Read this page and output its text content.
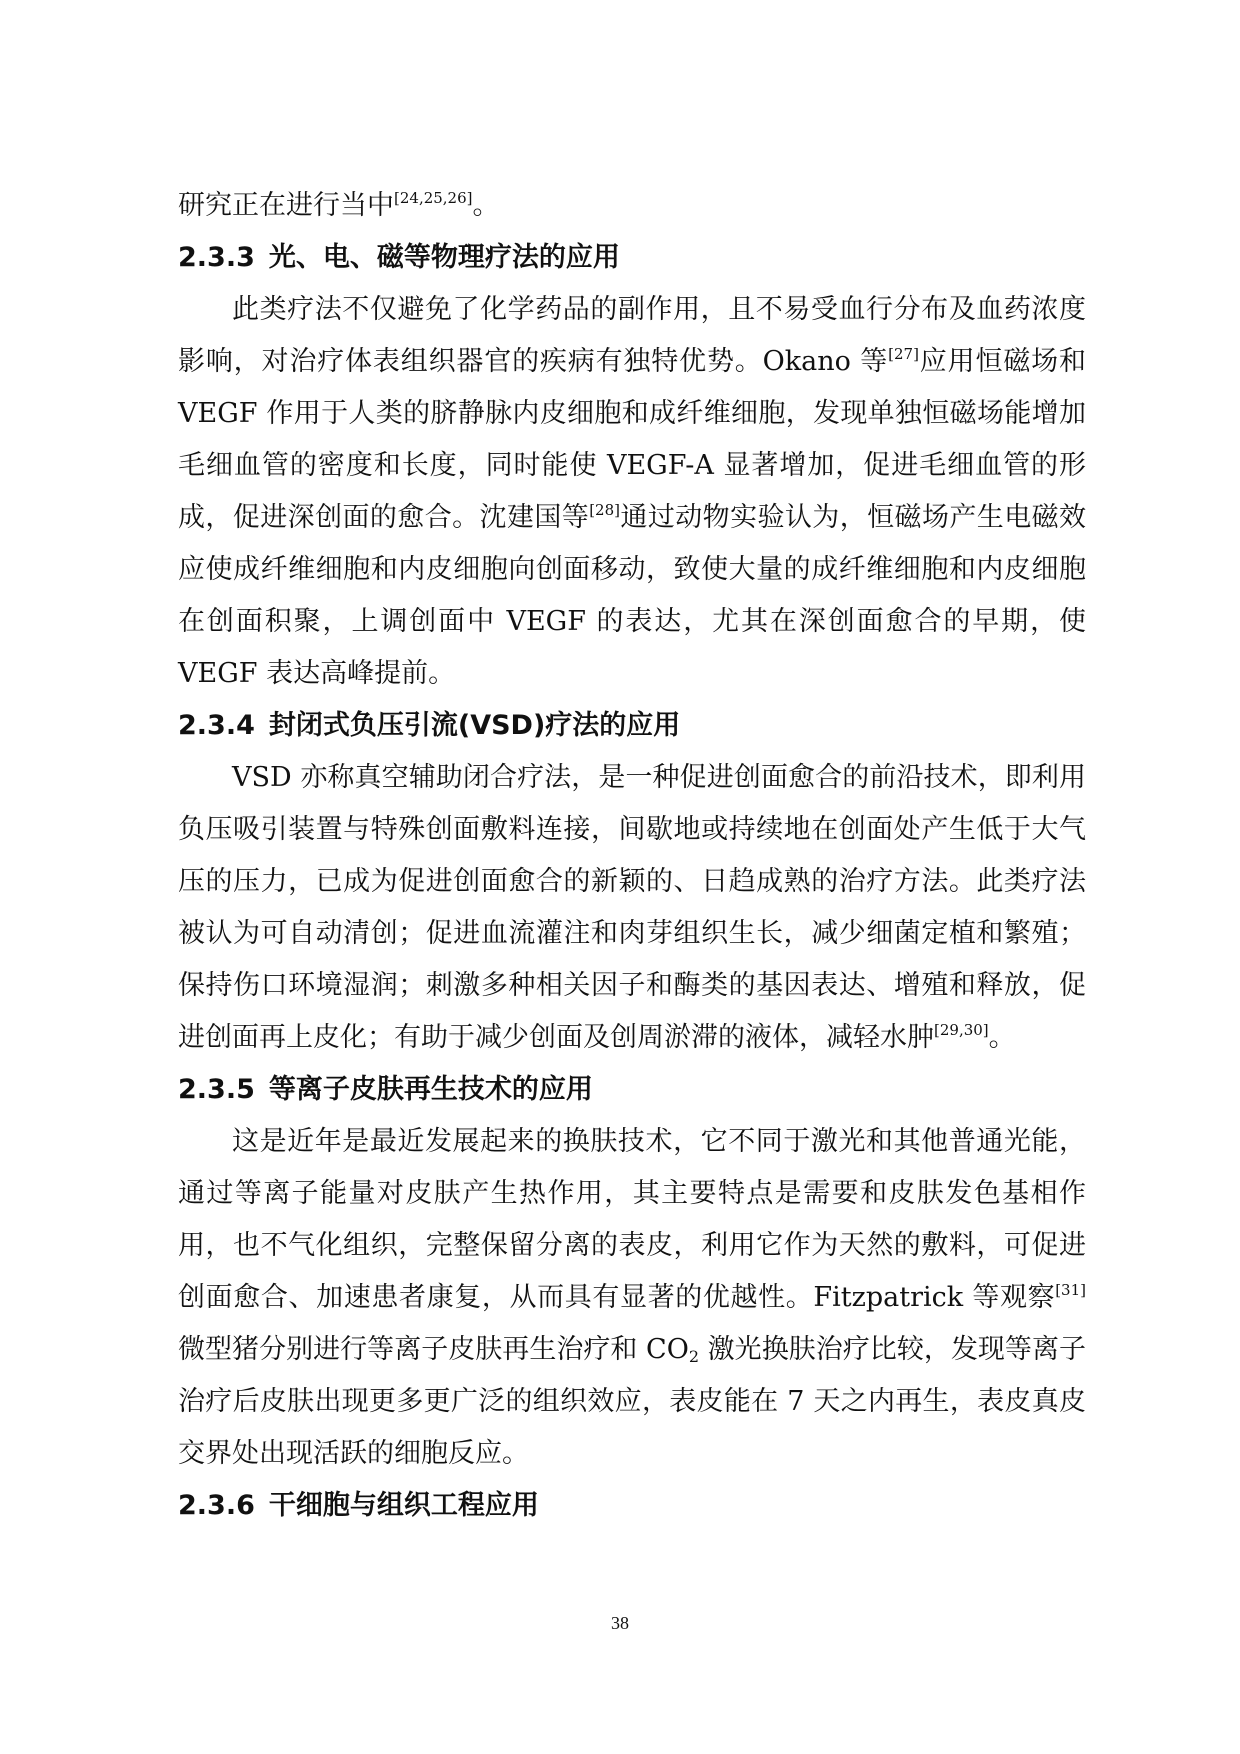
研究正在进行当中[24,25,26]。

2.3.3 光、电、磁等物理疗法的应用

此类疗法不仅避免了化学药品的副作用，且不易受血行分布及血药浓度影响，对治疗体表组织器官的疾病有独特优势。Okano 等[27]应用恒磁场和 VEGF 作用于人类的脐静脉内皮细胞和成纤维细胞，发现单独恒磁场能增加毛细血管的密度和长度，同时能使 VEGF-A 显著增加，促进毛细血管的形成，促进深创面的愈合。沈建国等[28]通过动物实验认为，恒磁场产生电磁效应使成纤维细胞和内皮细胞向创面移动，致使大量的成纤维细胞和内皮细胞在创面积聚，上调创面中 VEGF 的表达，尤其在深创面愈合的早期，使 VEGF 表达高峰提前。

2.3.4 封闭式负压引流(VSD)疗法的应用

VSD 亦称真空辅助闭合疗法，是一种促进创面愈合的前沿技术，即利用负压吸引装置与特殊创面敷料连接，间歇地或持续地在创面处产生低于大气压的压力，已成为促进创面愈合的新颖的、日趋成熟的治疗方法。此类疗法被认为可自动清创；促进血流灌注和肉芽组织生长，减少细菌定植和繁殖；保持伤口环境湿润；刺激多种相关因子和酶类的基因表达、增殖和释放，促进创面再上皮化；有助于减少创面及创周淤滞的液体，减轻水肿[29,30]。

2.3.5 等离子皮肤再生技术的应用

这是近年是最近发展起来的换肤技术，它不同于激光和其他普通光能，通过等离子能量对皮肤产生热作用，其主要特点是需要和皮肤发色基相作用，也不气化组织，完整保留分离的表皮，利用它作为天然的敷料，可促进创面愈合、加速患者康复，从而具有显著的优越性。Fitzpatrick 等观察[31]微型猪分别进行等离子皮肤再生治疗和 $CO_2$ 激光换肤治疗比较，发现等离子治疗后皮肤出现更多更广泛的组织效应，表皮能在 7 天之内再生，表皮真皮交界处出现活跃的细胞反应。

2.3.6 干细胞与组织工程应用
38
